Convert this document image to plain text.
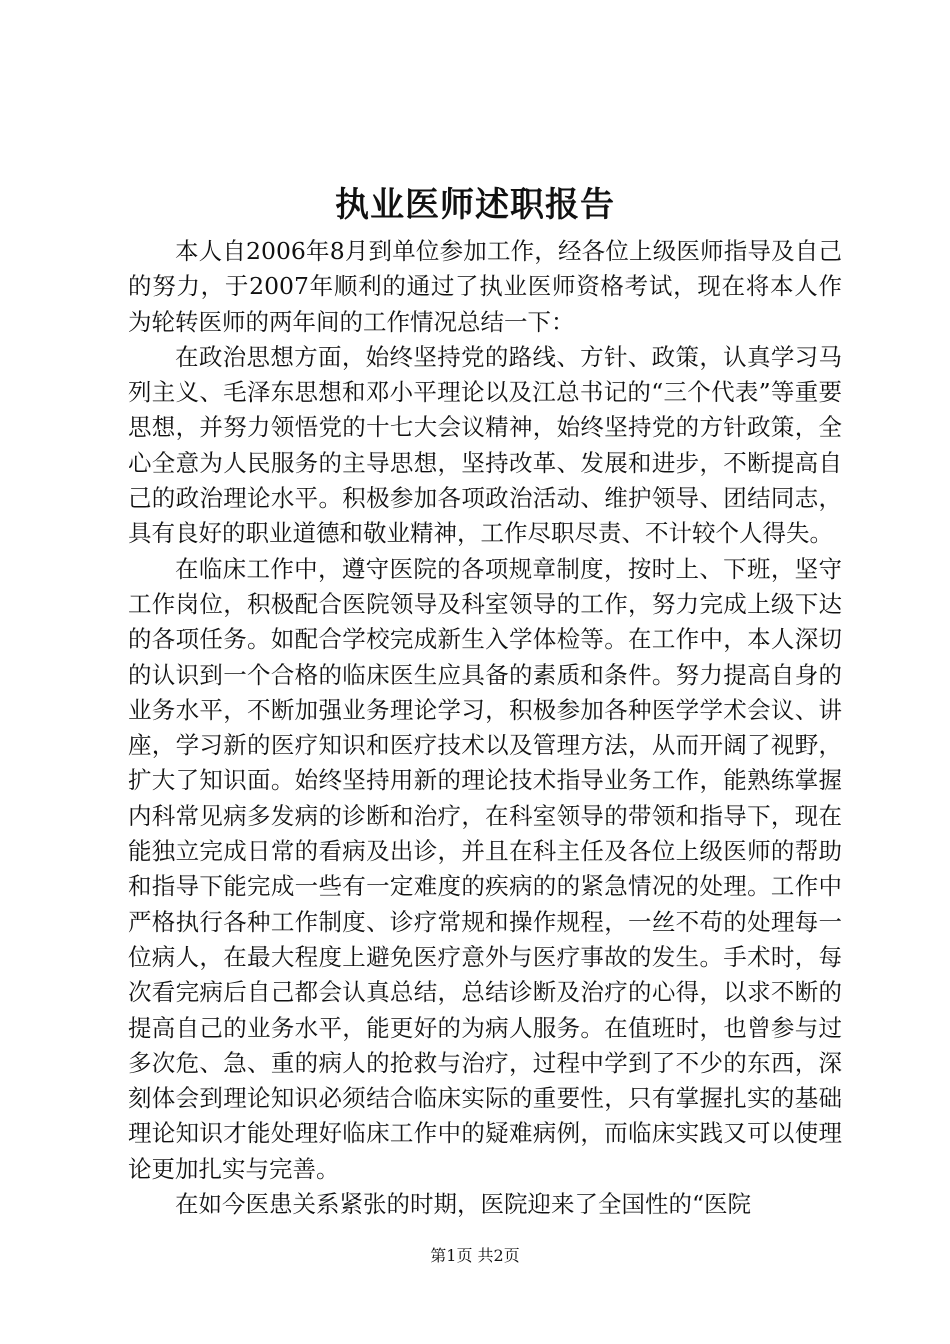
执业医师述职报告

本人自2006年8月到单位参加工作，经各位上级医师指导及自己的努力，于2007年顺利的通过了执业医师资格考试，现在将本人作为轮转医师的两年间的工作情况总结一下：

在政治思想方面，始终坚持党的路线、方针、政策，认真学习马列主义、毛泽东思想和邓小平理论以及江总书记的“三个代表”等重要思想，并努力领悟党的十七大会议精神，始终坚持党的方针政策，全心全意为人民服务的主导思想，坚持改革、发展和进步，不断提高自己的政治理论水平。积极参加各项政治活动、维护领导、团结同志，具有良好的职业道德和敬业精神，工作尽职尽责、不计较个人得失。

在临床工作中，遵守医院的各项规章制度，按时上、下班，坚守工作岗位，积极配合医院领导及科室领导的工作，努力完成上级下达的各项任务。如配合学校完成新生入学体检等。在工作中，本人深切的认识到一个合格的临床医生应具备的素质和条件。努力提高自身的业务水平，不断加强业务理论学习，积极参加各种医学学术会议、讲座，学习新的医疗知识和医疗技术以及管理方法，从而开阔了视野，扩大了知识面。始终坚持用新的理论技术指导业务工作，能熟练掌握内科常见病多发病的诊断和治疗，在科室领导的带领和指导下，现在能独立完成日常的看病及出诊，并且在科主任及各位上级医师的帮助和指导下能完成一些有一定难度的疾病的的紧急情况的处理。工作中严格执行各种工作制度、诊疗常规和操作规程，一丝不苟的处理每一位病人，在最大程度上避免医疗意外与医疗事故的发生。手术时，每次看完病后自己都会认真总结，总结诊断及治疗的心得，以求不断的提高自己的业务水平，能更好的为病人服务。在值班时，也曾参与过多次危、急、重的病人的抢救与治疗，过程中学到了不少的东西，深刻体会到理论知识必须结合临床实际的重要性，只有掌握扎实的基础理论知识才能处理好临床工作中的疑难病例，而临床实践又可以使理论更加扎实与完善。

在如今医患关系紧张的时期，医院迎来了全国性的“医院

第1页 共2页
